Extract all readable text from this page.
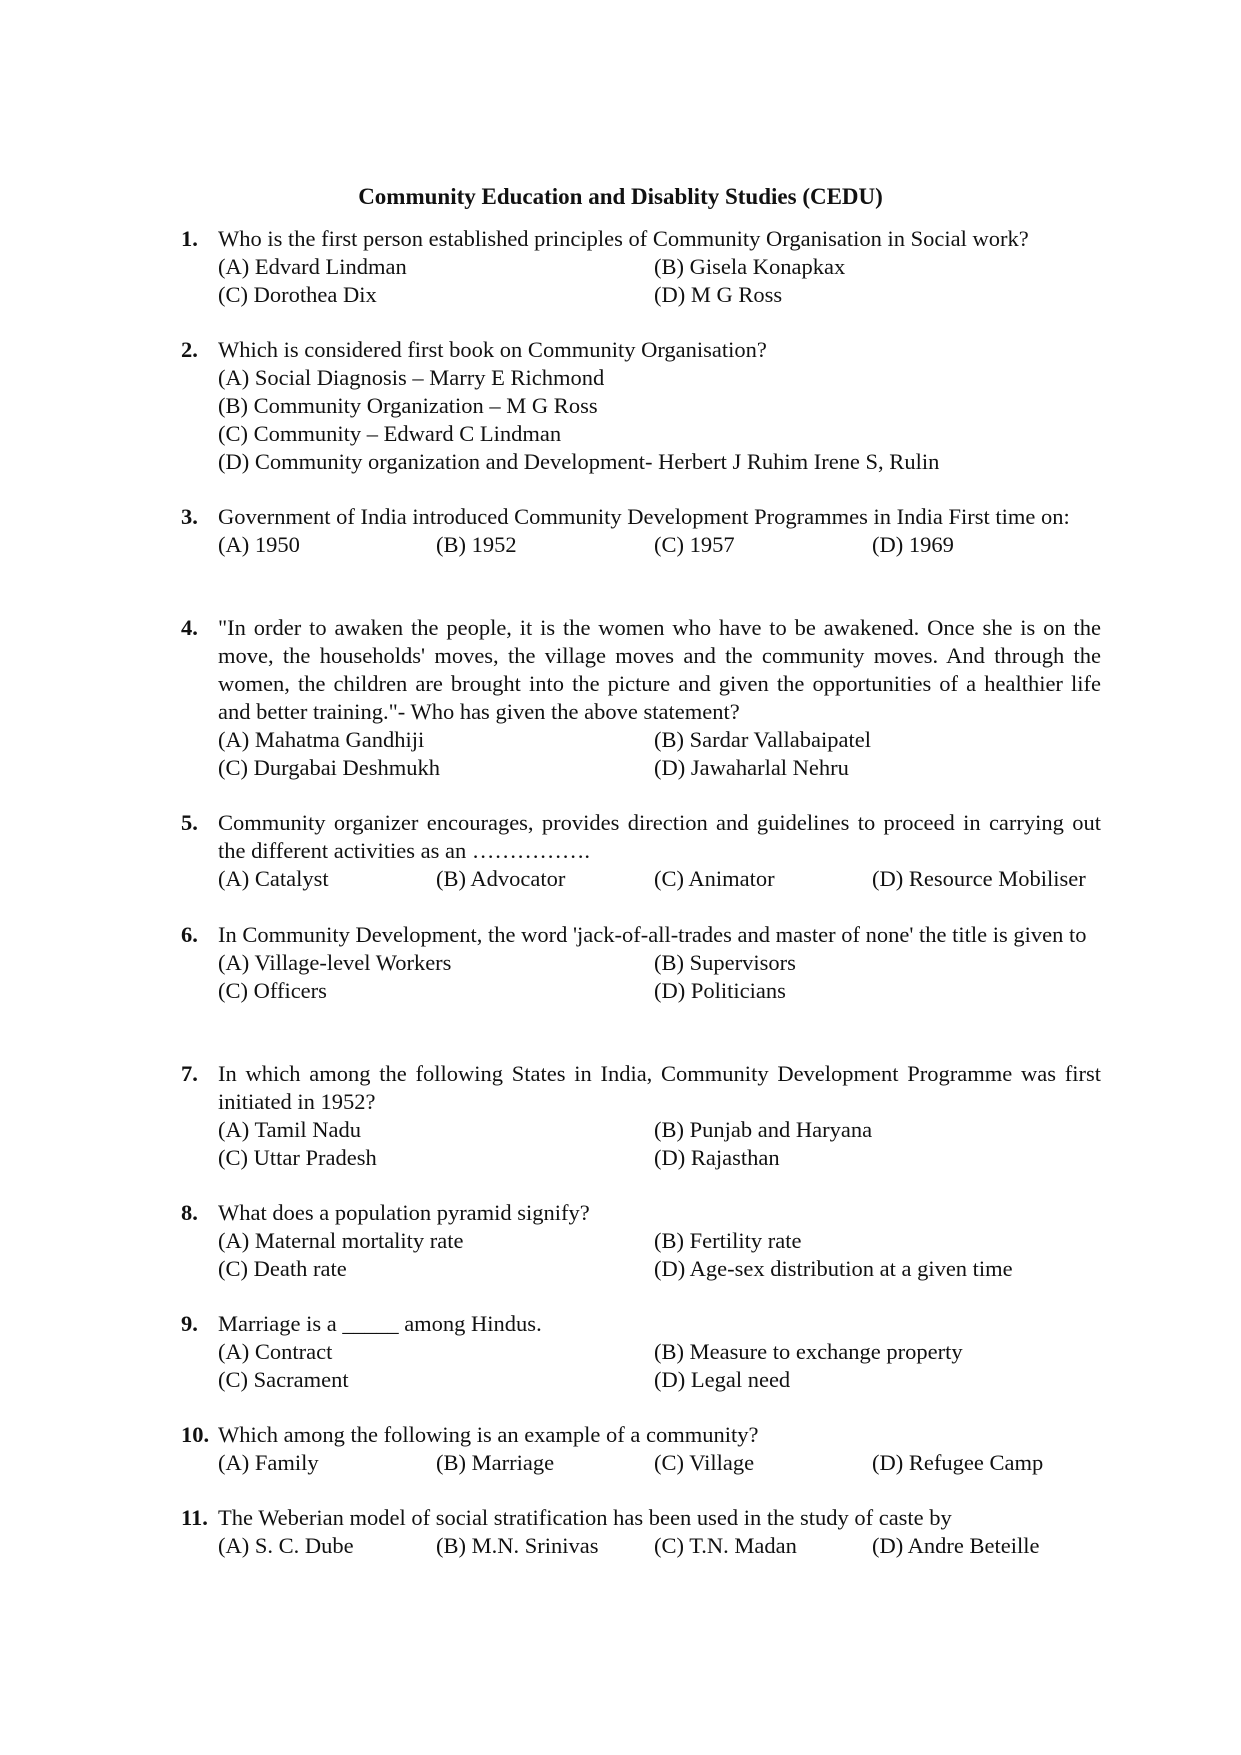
Community Education and Disablity Studies (CEDU)
1. Who is the first person established principles of Community Organisation in Social work?
(A) Edvard Lindman	(B) Gisela Konapkax
(C) Dorothea Dix	(D) M G Ross
2. Which is considered first book on Community Organisation?
(A) Social Diagnosis – Marry E Richmond
(B) Community Organization – M G Ross
(C) Community – Edward C Lindman
(D) Community organization and Development- Herbert J Ruhim Irene S, Rulin
3. Government of India introduced Community Development Programmes in India First time on:
(A) 1950	(B) 1952	(C) 1957	(D) 1969
4. "In order to awaken the people, it is the women who have to be awakened. Once she is on the move, the households' moves, the village moves and the community moves. And through the women, the children are brought into the picture and given the opportunities of a healthier life and better training."- Who has given the above statement?
(A) Mahatma Gandhiji	(B) Sardar Vallabaipatel
(C) Durgabai Deshmukh	(D) Jawaharlal Nehru
5. Community organizer encourages, provides direction and guidelines to proceed in carrying out the different activities as an …………….
(A) Catalyst	(B) Advocator	(C) Animator	(D) Resource Mobiliser
6. In Community Development, the word 'jack-of-all-trades and master of none' the title is given to
(A) Village-level Workers	(B) Supervisors
(C) Officers	(D) Politicians
7. In which among the following States in India, Community Development Programme was first initiated in 1952?
(A) Tamil Nadu	(B) Punjab and Haryana
(C) Uttar Pradesh	(D) Rajasthan
8. What does a population pyramid signify?
(A) Maternal mortality rate	(B) Fertility rate
(C) Death rate	(D) Age-sex distribution at a given time
9. Marriage is a _____ among Hindus.
(A) Contract	(B) Measure to exchange property
(C) Sacrament	(D) Legal need
10. Which among the following is an example of a community?
(A) Family	(B) Marriage	(C) Village	(D) Refugee Camp
11. The Weberian model of social stratification has been used in the study of caste by
(A) S. C. Dube	(B) M.N. Srinivas	(C) T.N. Madan	(D) Andre Beteille
